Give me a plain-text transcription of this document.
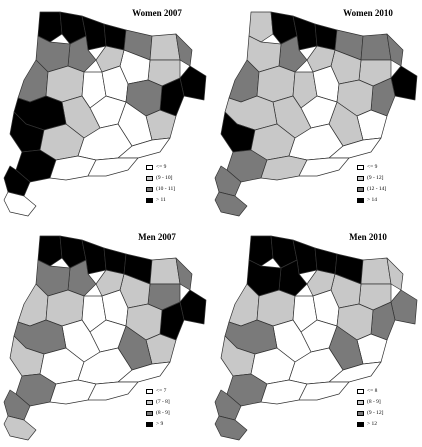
Women 2007
<= 9
(9 - 10]
(10 - 11]
> 11
Women 2010
<= 9
(9 - 12]
(12 - 14]
> 14
Men 2007
<= 7
(7 - 8]
(8 - 9]
> 9
Men 2010
<= 8
(8 - 9]
(9 - 12]
> 12
